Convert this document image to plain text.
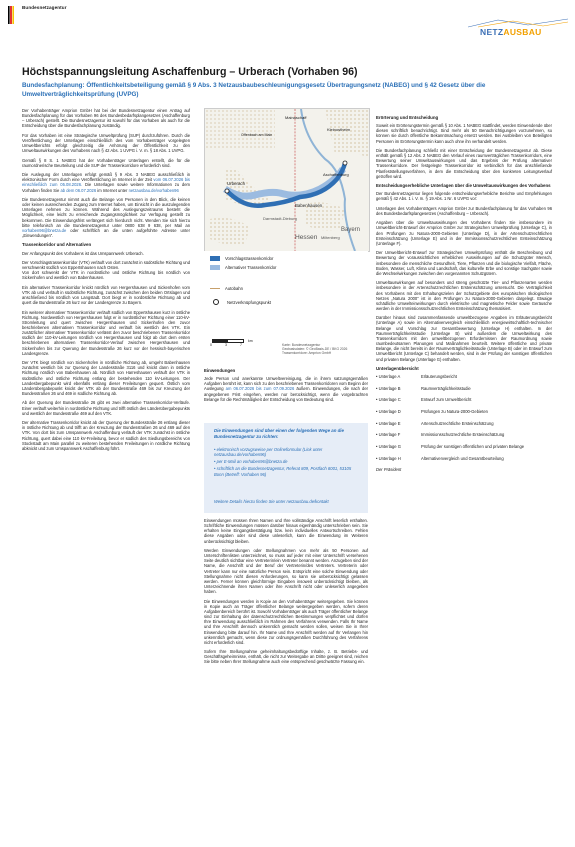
Bundesnetzagentur
NETZAUSBAU
Höchstspannungsleitung Aschaffenburg – Urberach (Vorhaben 96)
Bundesfachplanung: Öffentlichkeitsbeteiligung gemäß § 9 Abs. 3 Netzausbaubeschleunigungsgesetz Übertragungsnetz (NABEG) und § 42 Gesetz über die Umweltverträglichkeitsprüfung (UVPG)

Der Vorhabenträger Amprion GmbH hat bei der Bundesnetzagentur einen Antrag auf Bundesfachplanung für das Vorhaben 96 des Bundesbedarfsplangesetzes (Aschaffenburg – Urberach) gestellt. Die Bundesnetzagentur ist sowohl für das Vorhaben als auch für die Entscheidung über die Bundesfachplanung zuständig.

Für das Vorhaben ist eine Strategische Umweltprüfung (SUP) durchzuführen. Durch die Veröffentlichung der Unterlagen einschließlich des vom Vorhabenträger vorgelegten Umweltberichts erfolgt gleichzeitig die Anhörung der Öffentlichkeit zu den Umweltauswirkungen des Vorhabens nach § 42 Abs. 1 UVPG i. V. m. § 18 Abs. 1 UVPG.

Gemäß § 8 S. 1 NABEG hat der Vorhabenträger Unterlagen erstellt, die für die raumordnerische Beurteilung und die SUP der Trassenkorridore erforderlich sind.

Die Auslegung der Unterlagen erfolgt gemäß § 9 Abs. 3 NABEG ausschließlich in elektronischer Form durch eine Veröffentlichung im Internet in der Zeit vom 06.07.2026 bis einschließlich zum 05.08.2026. Die Unterlagen sowie weitere Informationen zu dem Vorhaben finden Sie ab dem 06.07.2026 im Internet unter netzausbau.de/vorhaben96

Die Bundesnetzagentur nimmt auch die Belange von Personen in den Blick, die keinen oder keinen ausreichenden Zugang zum Internet haben, um Einsicht in die auszulegenden Unterlagen nehmen zu können. Während des Auslegungszeitraums besteht die Möglichkeit, eine leicht zu erreichende Zugangsmöglichkeit zur Verfügung gestellt zu bekommen. Die Einwendungsfrist verlängert sich hierdurch nicht. Wenden Sie sich hierzu bitte telefonisch an die Bundesnetzagentur unter 0800 638 9 638, per Mail an vorhaben96@bnetza.de oder schriftlich an die unten aufgeführte Adresse unter „Einwendungen“.

Trassenkorridor und Alternativen

Der Anfangspunkt des Vorhabens ist das Umspannwerk Urberach.

Der Vorschlagstrassenkorridor (VTK) verläuft von dort zunächst in südöstliche Richtung und verschwenkt südlich von Eppertshausen nach Osten.

Von dort schwenkt der VTK in nordöstliche und östliche Richtung bis nördlich von Sickenhofen und westlich von Babenhausen.

Ein alternativer Trassenkorridor knickt nördlich von Hergershausen und Sickenhofen vom VTK ab und verläuft in südöstliche Richtung, zunächst zwischen den beiden Ortslagen und anschließend bis nördlich von Langstadt. Dort biegt er in nordöstliche Richtung ab und quert die Bundesstraße 26 kurz vor der Landesgrenze zu Bayern.

Ein weiterer alternativer Trassenkorridor verläuft südlich von Eppertshausen kurz in östliche Richtung. Nordwestlich von Hergershausen folgt er in nordöstlicher Richtung einer 110-kV-Stromleitung und quert zwischen Hergershausen und Sickenhofen den zuvor beschriebenen alternativen Trassenkorridor und verläuft bis westlich des VTK. Ein zusätzlicher alternativer Trassenkorridor verlässt den zuvor beschriebenen Trassenkorridor südlich der 110-kV-Leitungen nördlich von Hergershausen und folgt ab dort dem ersten beschriebenen alternativen Trassenkorridor-Verlauf zwischen Hergershausen und Sickenhofen bis zur Querung der Bundesstraße 26 kurz vor der hessisch-bayerischen Landesgrenze.

Der VTK biegt nördlich von Sickenhofen in nördliche Richtung ab, umgeht Babenhausen zunächst westlich bis zur Querung der Landesstraße 3116 und knickt dann in östliche Richtung nördlich von Babenhausen ab. Nördlich von Harreshausen verläuft der VTK in südöstliche und östliche Richtung entlang der bestehenden 110 kV-Leitungen. Der Landesbergabepunkt wird ebenfalls entlang dieser Freileitungen gequert. Östlich vom Länderübergabepunkt knickt der VTK ab der Bundesstraße 469 bis zur Kreuzung der Bundesstraßen 26 und 469 in südliche Richtung ab.

Ab der Querung der Bundesstraße 26 gibt es zwei alternative Trassenkorridor-Verläufe. Einer verläuft weiterhin in nordöstliche Richtung und trifft östlich des Länderübergabepunkts und westlich der Bundesstraße 469 auf den VTK.

Der alternative Trassenkorridor knickt ab der Querung der Bundesstraße 26 entlang dieser in östliche Richtung ab und trifft an der Kreuzung der Bundesstraßen 26 und 469 auf den VTK. Von dort bis zum Umspannwerk Aschaffenburg verläuft der VTK zunächst in östliche Richtung, quert dabei eine 110 kV-Freileitung, bevor er südlich des Siedlungsbereichs von Stockstadt am Main parallel zu weiteren bestehenden Freileitungen in nördliche Richtung abknickt und zum Umspannwerk Aschaffenburg führt.

Mainaschaff
Kleinostheim
Offenbach am Main
Urberach
Hessen
Babenhausen
Darmstadt-Dieburg
Aschaffenburg
Bayern
Miltenberg
Vorschlagstrassenkorridor
Alternativer Trassenkorridor
Autobahn
Netzverknüpfungspunkt
0	3	7
km
Karte: Bundesnetzagentur
Geobasisdaten: © GeoBasis-DE / BKG 2026
Trassenkorridore: Amprion GmbH
Einwendungen

Jede Person und anerkannte Umweltvereinigung, die in ihrem satzungsgemäßen Aufgaben berührt ist, kann sich zu den beschriebenen Trassenkorridoren vom Beginn der Auslegung am 06.07.2026 bis zum 07.09.2026 äußern. Einwendungen, die nach der angegebenen Frist eingehen, werden nur berücksichtigt, wenn die vorgebrachten Belange für die Rechtmäßigkeit der Entscheidung von Bedeutung sind.

Die Einwendungen sind über einen der folgenden Wege an die Bundesnetzagentur zu richten:
• elektronisch vorzugsweise per Onlineformular (Link unter netzausbau.de/vorhaben96)
• per E-Mail an vorhaben96@bnetza.de
• schriftlich an die Bundesnetzagentur, Referat 809, Postfach 8001, 53105 Bonn (Betreff: Vorhaben 96)
Weitere Details hierzu finden Sie unter netzausbau.de/kontakt

Einwendungen müssen Ihren Namen und Ihre vollständige Anschrift leserlich enthalten. Schriftliche Einwendungen müssen darüber hinaus eigenhändig unterschrieben sein. Sie erhalten keine Eingangsbestätigung bzw. kein individuelles Antwortschreiben. Fehlen diese Angaben oder sind diese unleserlich, kann die Einwendung im Weiteren unberücksichtigt bleiben.

Werden Einwendungen oder Stellungnahmen von mehr als 50 Personen auf Unterschriftenlisten unterzeichnet, so muss auf jeder mit einer Unterschrift versehenen Seite deutlich sichtbar eine Vertreterin/ein Vertreter benannt werden. Anzugeben sind der Name, die Anschrift und der Beruf der Vertreterin/des Vertreters. Vertreterin oder Vertreter kann nur eine natürliche Person sein. Entspricht eine solche Einwendung oder Stellungnahme nicht diesen Anforderungen, so kann sie unberücksichtigt gelassen werden. Ferner können gleichförmige Eingaben insoweit unberücksichtigt bleiben, als Unterzeichnende ihren Namen oder ihre Anschrift nicht oder unleserlich angegeben haben.

Die Einwendungen werden in Kopie an den Vorhabenträger weitergegeben. Sie können in Kopie auch an Träger öffentlicher Belange weitergegeben werden, sofern deren Aufgabenbereich berührt ist. Sowohl Vorhabenträger als auch Träger öffentlicher Belange sind zur Einhaltung der datenschutzrechtlichen Bestimmungen verpflichtet und dürfen Ihre Einwendung ausschließlich im Rahmen des Verfahrens verwenden. Falls Ihr Name und Ihre Anschrift dennoch unkenntlich gemacht werden sollen, weisen Sie in Ihrer Einwendung bitte darauf hin. Ihr Name und Ihre Anschrift werden auf Ihr Verlangen hin unkenntlich gemacht, wenn diese zur ordnungsgemäßen Durchführung des Verfahrens nicht erforderlich sind.

Sofern Ihre Stellungnahme geheimhaltungsbedürftige Inhalte, z. B. Betriebs- und Geschäftsgeheimnisse, enthält, die nicht zur Weitergabe an Dritte geeignet sind, reichen Sie bitte neben Ihrer Stellungnahme auch eine entsprechend geschwärzte Fassung ein.

Erörterung und Entscheidung

Soweit ein Erörterungstermin gemäß § 10 Abs. 1 NABEG stattfindet, werden Einwendende über diesen schriftlich benachrichtigt. Sind mehr als 50 Benachrichtigungen vorzunehmen, so können sie durch öffentliche Bekanntmachung ersetzt werden. Bei Ausbleiben von Beteiligten Personen im Erörterungstermin kann auch ohne ihn verhandelt werden.

Die Bundesfachplanung schließt mit einer Entscheidung der Bundesnetzagentur ab. Diese enthält gemäß § 12 Abs. 2 NABEG den Verlauf eines raumverträglichen Trassenkorridors, eine Bewertung seiner Umweltauswirkungen und das Ergebnis der Prüfung alternativer Trassenkorridore. Der festgelegte Trassenkorridor ist verbindlich für das anschließende Planfeststellungsverfahren, in dem die Entscheidung über den konkreten Leitungsverlauf getroffen wird.

Entscheidungserhebliche Unterlagen über die Umweltauswirkungen des Vorhabens

Der Bundesnetzagentur liegen folgende entscheidungserhebliche Berichte und Empfehlungen gemäß § 42 Abs. 1 i. V. m. § 19 Abs. 1 Nr. 6 UVPG vor:

Unterlagen des Vorhabenträgers Amprion GmbH zur Bundesfachplanung für das Vorhaben 96 des Bundesbedarfsplangesetzes (Aschaffenburg – Urberach).

Angaben über die Umweltauswirkungen des Vorhabens finden Sie insbesondere im Umweltbericht-Entwurf der Amprion GmbH zur Strategischen Umweltprüfung (Unterlage C), in den Prüfungen zu Natura-2000-Gebieten (Unterlage D), in der Artenschutzrechtlichen Ersteinschätzung (Unterlage E) und in der Immissionsschutzrechtlichen Ersteinschätzung (Unterlage F).

Der Umweltbericht-Entwurf zur Strategischen Umweltprüfung enthält die Beschreibung und Bewertung der voraussichtlichen erheblichen Auswirkungen auf die Schutzgüter Mensch, insbesondere die menschliche Gesundheit, Tiere, Pflanzen und die biologische Vielfalt, Fläche, Boden, Wasser, Luft, Klima und Landschaft, das kulturelle Erbe und sonstige Sachgüter sowie die Wechselwirkungen zwischen den vorgenannten Schutzgütern.

Umweltauswirkungen auf besonders und streng geschützte Tier- und Pflanzenarten werden insbesondere in der Artenschutzrechtlichen Ersteinschätzung untersucht. Die Verträglichkeit des Vorhabens mit den Erhaltungszielen der Schutzgebiete des europäischen ökologischen Netzes „Natura 2000“ ist in den Prüfungen zu Natura-2000-Gebieten dargelegt. Etwaige schädliche Umwelteinwirkungen durch elektrische und magnetische Felder sowie Geräusche werden in der Immissionsschutzrechtlichen Ersteinschätzung thematisiert.

Darüber hinaus sind zusammenfassende umweltbezogene Angaben im Erläuterungsbericht (Unterlage A) sowie im Alternativenvergleich einschließlich energiewirtschaftlich-technischer Belange und Vorschlag zur Gesamtbewertung (Unterlage H) enthalten. In der Raumverträglichkeitsstudie (Unterlage B) wird außerdem die Umweltwirkung des Trassenkorridors mit den umweltbezogenen Erfordernissen der Raumordnung sowie raumbedeutsamen Planungen und Maßnahmen beurteilt. Weitere öffentliche und private Belange, die nicht bereits in der Raumverträglichkeitsstudie (Unterlage B) oder im Entwurf zum Umweltbericht (Unterlage C) behandelt werden, sind in der Prüfung der sonstigen öffentlichen und privaten Belange (Unterlage G) enthalten.

Unterlagenübersicht
• Unterlage A	Erläuterungsbericht
• Unterlage B	Raumverträglichkeitsstudie
• Unterlage C	Entwurf zum Umweltbericht
• Unterlage D	Prüfungen zu Natura-2000-Gebieten
• Unterlage E	Artenschutzrechtliche Ersteinschätzung
• Unterlage F	Immissionsschutzrechtliche Ersteinschätzung
• Unterlage G	Prüfung der sonstigen öffentlichen und privaten Belange
• Unterlage H	Alternativenvergleich und Gesamtbeurteilung

Der Präsident
